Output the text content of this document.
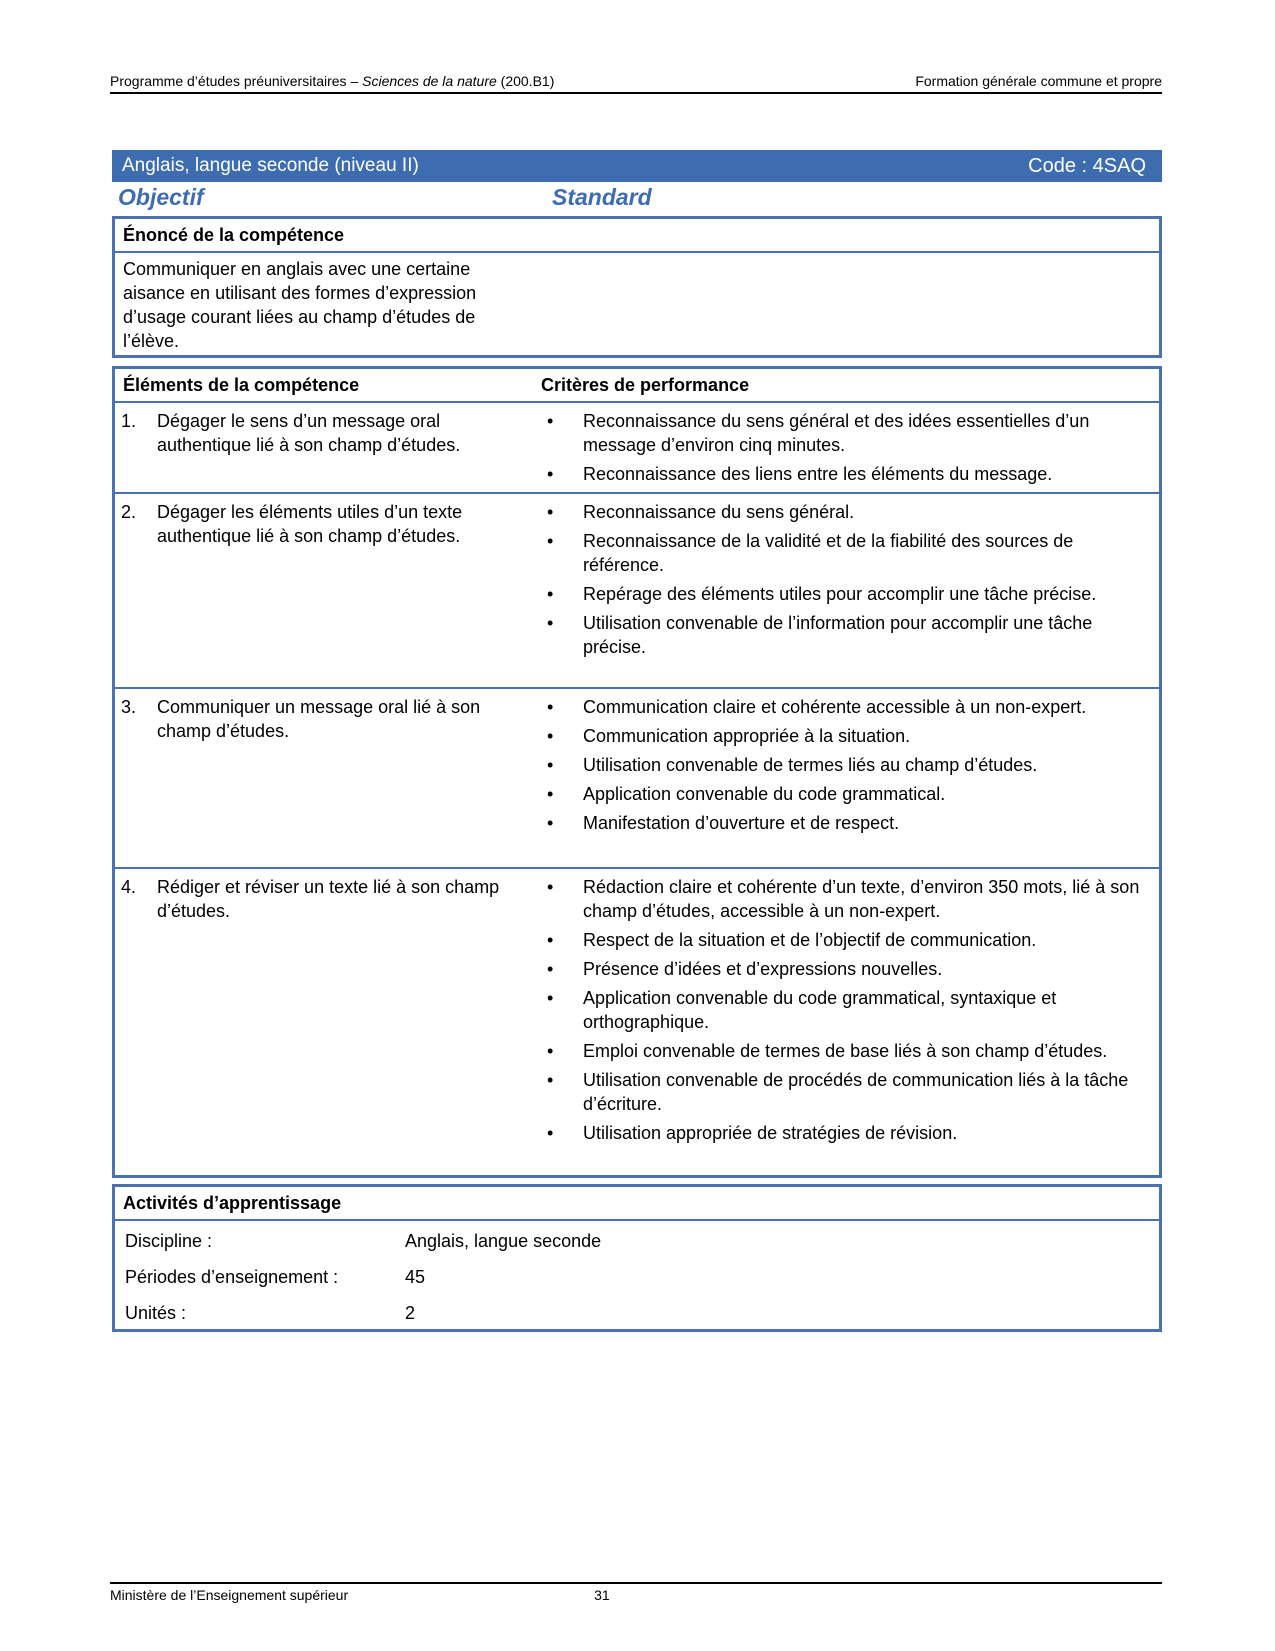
Programme d’études préuniversitaires – Sciences de la nature (200.B1)	Formation générale commune et propre
Anglais, langue seconde (niveau II)	Code : 4SAQ
Objectif	Standard
Énoncé de la compétence
Communiquer en anglais avec une certaine aisance en utilisant des formes d’expression d’usage courant liées au champ d’études de l’élève.
Éléments de la compétence	Critères de performance
1.	Dégager le sens d’un message oral authentique lié à son champ d’études.
•	Reconnaissance du sens général et des idées essentielles d’un message d’environ cinq minutes.
•	Reconnaissance des liens entre les éléments du message.
2.	Dégager les éléments utiles d’un texte authentique lié à son champ d’études.
•	Reconnaissance du sens général.
•	Reconnaissance de la validité et de la fiabilité des sources de référence.
•	Repérage des éléments utiles pour accomplir une tâche précise.
•	Utilisation convenable de l’information pour accomplir une tâche précise.
3.	Communiquer un message oral lié à son champ d’études.
•	Communication claire et cohérente accessible à un non-expert.
•	Communication appropriée à la situation.
•	Utilisation convenable de termes liés au champ d’études.
•	Application convenable du code grammatical.
•	Manifestation d’ouverture et de respect.
4.	Rédiger et réviser un texte lié à son champ d’études.
•	Rédaction claire et cohérente d’un texte, d’environ 350 mots, lié à son champ d’études, accessible à un non-expert.
•	Respect de la situation et de l’objectif de communication.
•	Présence d’idées et d’expressions nouvelles.
•	Application convenable du code grammatical, syntaxique et orthographique.
•	Emploi convenable de termes de base liés à son champ d’études.
•	Utilisation convenable de procédés de communication liés à la tâche d’écriture.
•	Utilisation appropriée de stratégies de révision.
Activités d’apprentissage
Discipline :	Anglais, langue seconde
Périodes d’enseignement :	45
Unités :	2
Ministère de l’Enseignement supérieur	31
